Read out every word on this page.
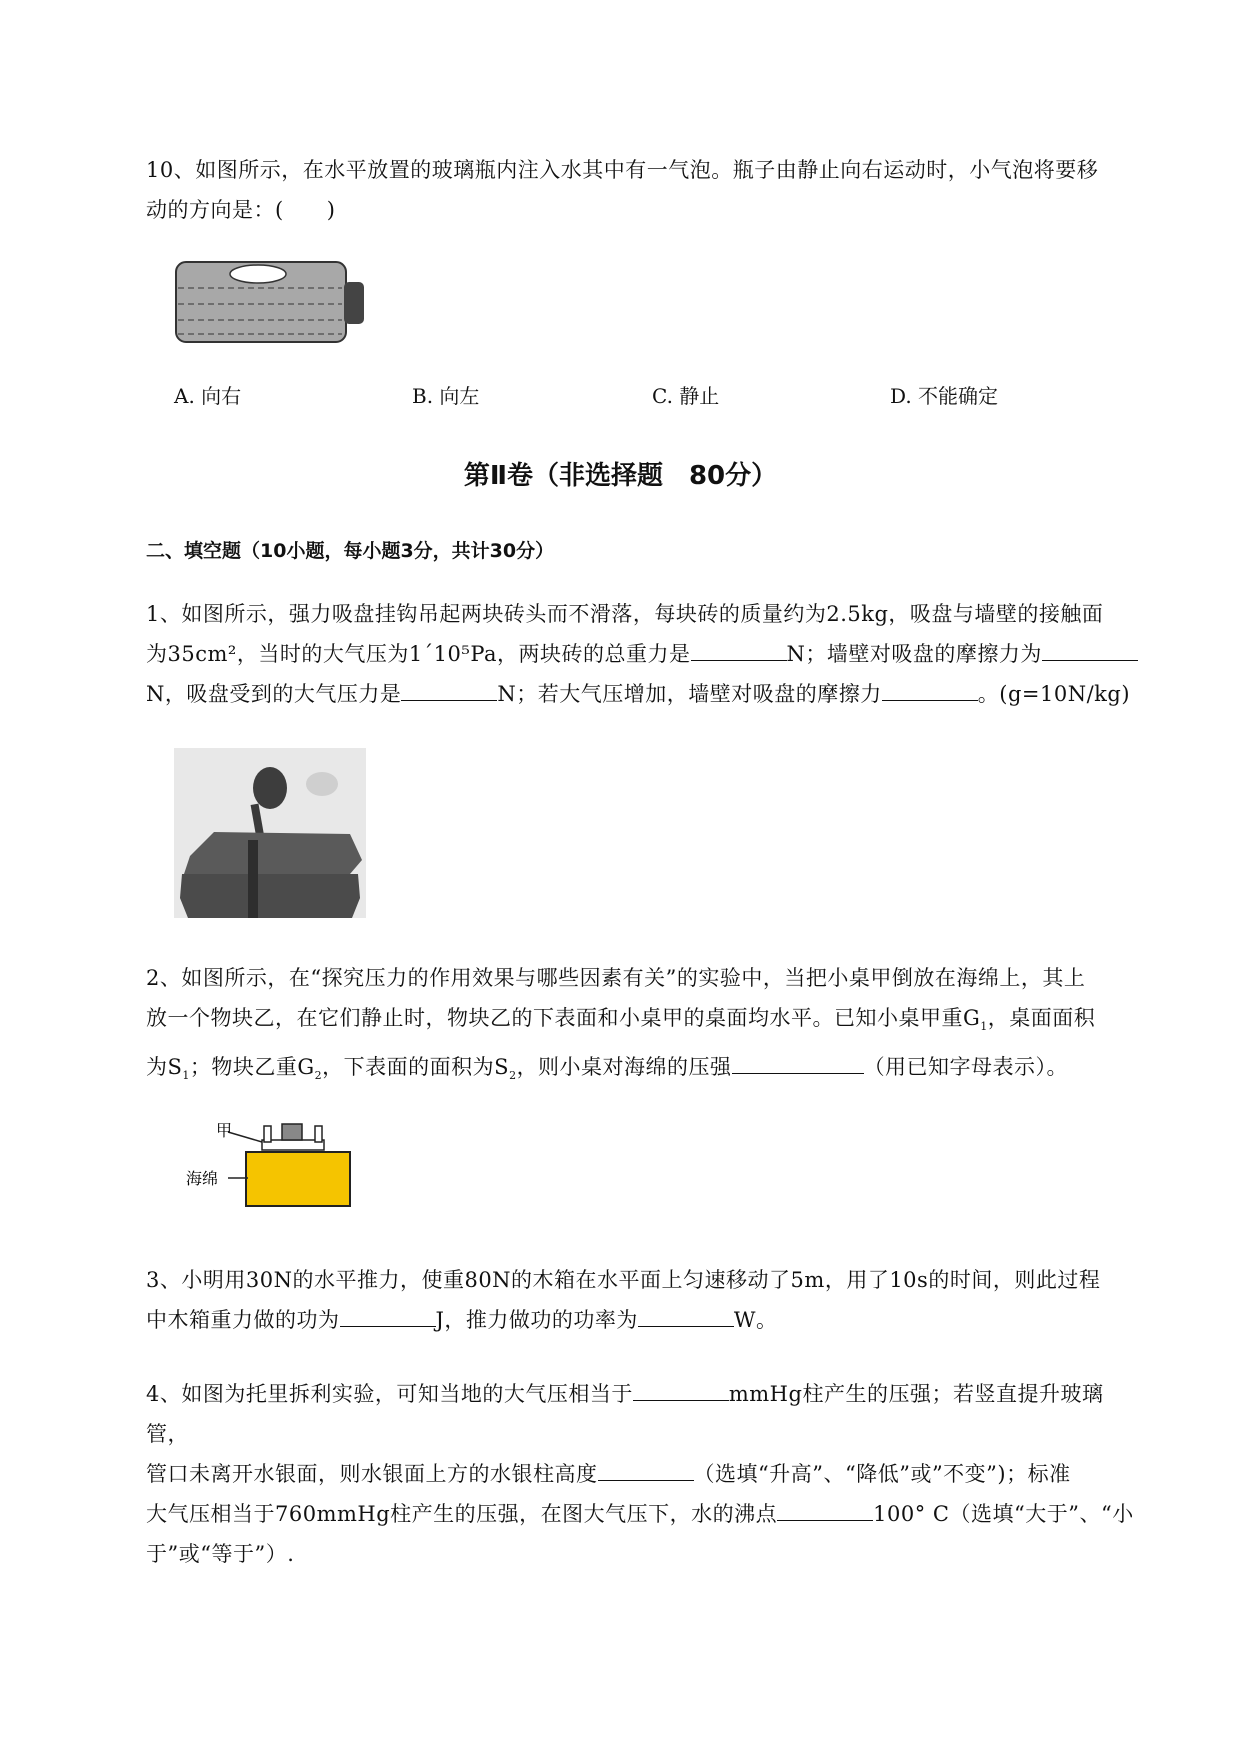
10、如图所示，在水平放置的玻璃瓶内注入水其中有一气泡。瓶子由静止向右运动时，小气泡将要移
动的方向是：(　　)
A. 向右	B. 向左	C. 静止	D. 不能确定
第Ⅱ卷（非选择题　80分）
二、填空题（10小题，每小题3分，共计30分）
1、如图所示，强力吸盘挂钩吊起两块砖头而不滑落，每块砖的质量约为2.5kg，吸盘与墙壁的接触面
为35cm²，当时的大气压为1´10⁵Pa，两块砖的总重力是	N；墙壁对吸盘的摩擦力为
N，吸盘受到的大气压力是	N；若大气压增加，墙壁对吸盘的摩擦力	。(g=10N/kg)
2、如图所示，在“探究压力的作用效果与哪些因素有关”的实验中，当把小桌甲倒放在海绵上，其上
放一个物块乙，在它们静止时，物块乙的下表面和小桌甲的桌面均水平。已知小桌甲重$G_1$，桌面面积
为$S_1$；物块乙重$G_2$，下表面的面积为$S_2$，则小桌对海绵的压强	（用已知字母表示）。
甲
海绵
3、小明用30N的水平推力，使重80N的木箱在水平面上匀速移动了5m，用了10s的时间，则此过程
中木箱重力做的功为	J，推力做功的功率为	W。
4、如图为托里拆利实验，可知当地的大气压相当于	mmHg柱产生的压强；若竖直提升玻璃管，
管口未离开水银面，则水银面上方的水银柱高度	（选填“升高”、“降低”或”不变”)；标准
大气压相当于760mmHg柱产生的压强，在图大气压下，水的沸点	100° C（选填“大于”、“小
于”或“等于”）.
